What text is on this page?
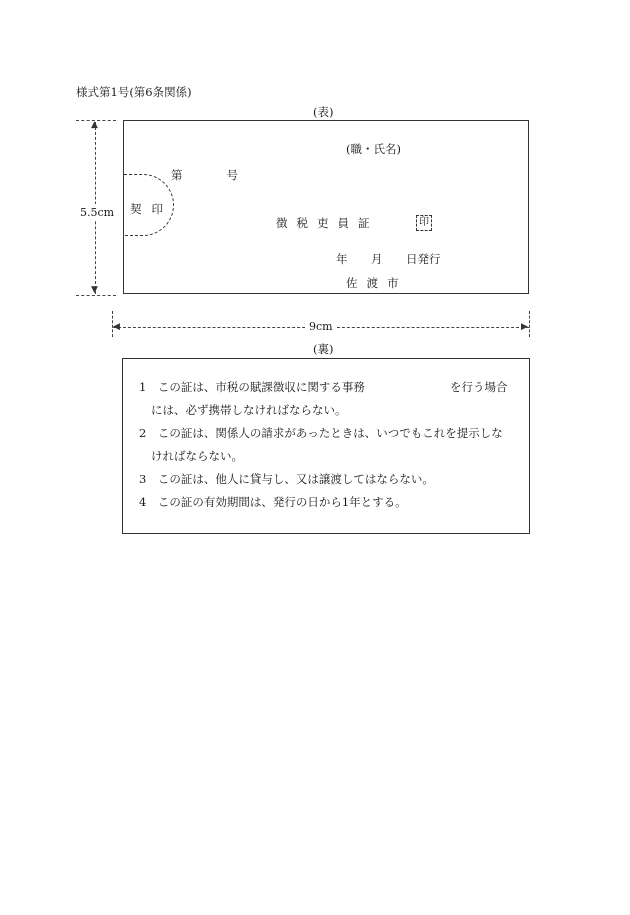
様式第1号(第6条関係)
(表)
▲
▼
5.5cm
(職・氏名)
第	号
契印
徴税吏員証	印
年 月 日発行
佐渡市
◀	▶
9cm
(裏)
1　この証は、市税の賦課徴収に関する事務	を行う場合
には、必ず携帯しなければならない。
2　この証は、関係人の請求があったときは、いつでもこれを提示しな
ければならない。
3　この証は、他人に貸与し、又は譲渡してはならない。
4　この証の有効期間は、発行の日から1年とする。
